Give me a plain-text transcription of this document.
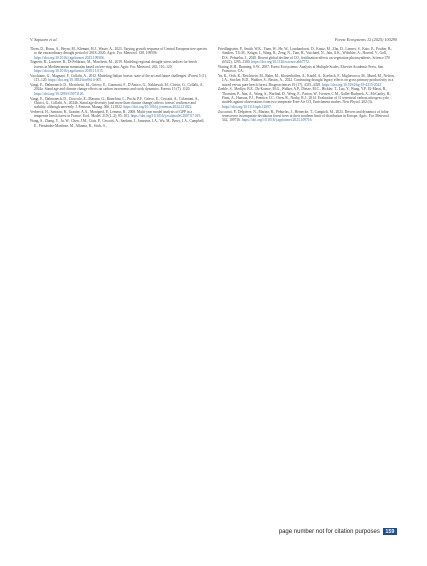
V. Sapuaro et al.	Forest Ecosystems 12 (2025) 100290

Thom, D., Buras, A., Heym, M., Klemmt, H.J., Wauer, A., 2023. Varying growth response of Central European tree species to the extraordinary drought period of 2018–2020. Agric. For. Meteorol. 338, 109506. https://doi.org/10.1016/j.agrformet.2023.109506.

Tognetti, R., Lasserre, B., Di Febbraro, M., Marchetti, M., 2019. Modeling regional drought-stress indices for beech forests in Mediterranean mountains based on tree-ring data. Agric. For. Meteorol. 265, 110–120. https://doi.org/10.1016/j.agrformet.2018.11.015.

Vacchiano, G., Magnani, F., Collalti, A., 2012. Modeling Italian forests: state of the art and future challenges. iForest 5 (1), 113–120. https://doi.org/10.3832/ifor0614-005.

Vangi, E., Dalmonech, D., Morichetti, M., Grieco, E., Giannotti, F., D'Amico, G., Nakhavali, M., Chirici, G., Collalti, A., 2024a. Stand age and climate change effects on carbon increments and stock dynamics. Forests 15 (7), 1120. https://doi.org/10.3390/f15071120.

Vangi, E., Dalmonech, D., Cioccolo, E., Marano, G., Bianchini, L., Puchi, P.F., Grieco, E., Cescatti, A., Colantoni, A., Chirici, G., Collalti, A., 2024b. Stand age diversity (and more than climate change) affects forests' resilience and stability, although unevenly. J. Environ. Manag. 366, 121822. https://doi.org/10.1016/j.jenvman.2024.121822.

Verbeeck, H., Samson, R., Granier, A.A., Montpied, P., Lemeur, R., 2008. Multi-year model analysis of GPP in a temperate beech forest in France. Ecol. Model. 210 (1–2), 85–103. https://doi.org/10.1016/j.ecolmodel.2007.07.019.

Wang, S., Zhang, Y., Ju, W., Chen, J.M., Ciais, P., Cescatti, A., Sardans, J., Janssens, I.A., Wu, M., Berry, J.A., Campbell, E., Fernández-Martínez, M., Alkama, R., Sitch, S.,

Friedlingstein, P., Smith, W.K., Yuan, W., He, W., Lombardozzi, D., Kautz, M., Zhu, D., Lienert, S., Kato, E., Poulter, B., Sanders, T.G.M., Krüger, I., Wang, R., Zeng, N., Tian, H., Vuichard, N., Jain, A.K., Wiltshire, A., Haverd, V., Goll, D.S., Peñuelas, J., 2020. Recent global decline of CO₂ fertilization effects on vegetation photosynthesis. Science 370 (6522), 1295–1300. https://doi.org/10.1126/science.abb7772.

Waring, R.H., Running, S.W., 2007. Forest Ecosystems: Analysis at Multiple Scales. Elsevier Academic Press, San Francisco, CA.

Yu, K., Orth, R., Reichstein, M., Bahn, M., Klosterhalfen, A., Knohl, A., Koebsch, F., Migliavacca, M., Mund, M., Nelson, J.A., Stocker, B.D., Walther, S., Bastos, A., 2022. Contrasting drought legacy effects on gross primary productivity in a mixed versus pure beech forest. Biogeosciences 19 (17), 4315–4329. https://doi.org/10.5194/bg-19-4315-2022.

Zaehle, S., Medlyn, B.E., De Kauwe, M.G., Walker, A.P., Dietze, M.C., Hickler, T., Luo, Y., Wang, Y.P., El-Masri, B., Thornton, P., Jain, A., Wang, S., Warlind, D., Weng, E., Parton, W., Iversen, C.M., Gallet-Budynek, A., McCarthy, H., Finzi, A., Hanson, P.J., Prentice, I.C., Oren, R., Norby, R.J., 2014. Evaluation of 11 terrestrial carbon–nitrogen cycle models against observations from two temperate Free-Air CO₂ Enrichment studies. New Phytol. 202 (3). https://doi.org/10.1111/nph.12697.

Zuccarini, P., Delpierre, N., Marino, R., Peñuelas, J., Heinecke, T., Campioli, M., 2023. Drivers and dynamics of foliar senescence in temperate deciduous forest trees at their southern limit of distribution in Europe. Agric. For. Meteorol. 342, 109716. https://doi.org/10.1016/j.agrformet.2023.109716.

page number not for citation purposes	159
